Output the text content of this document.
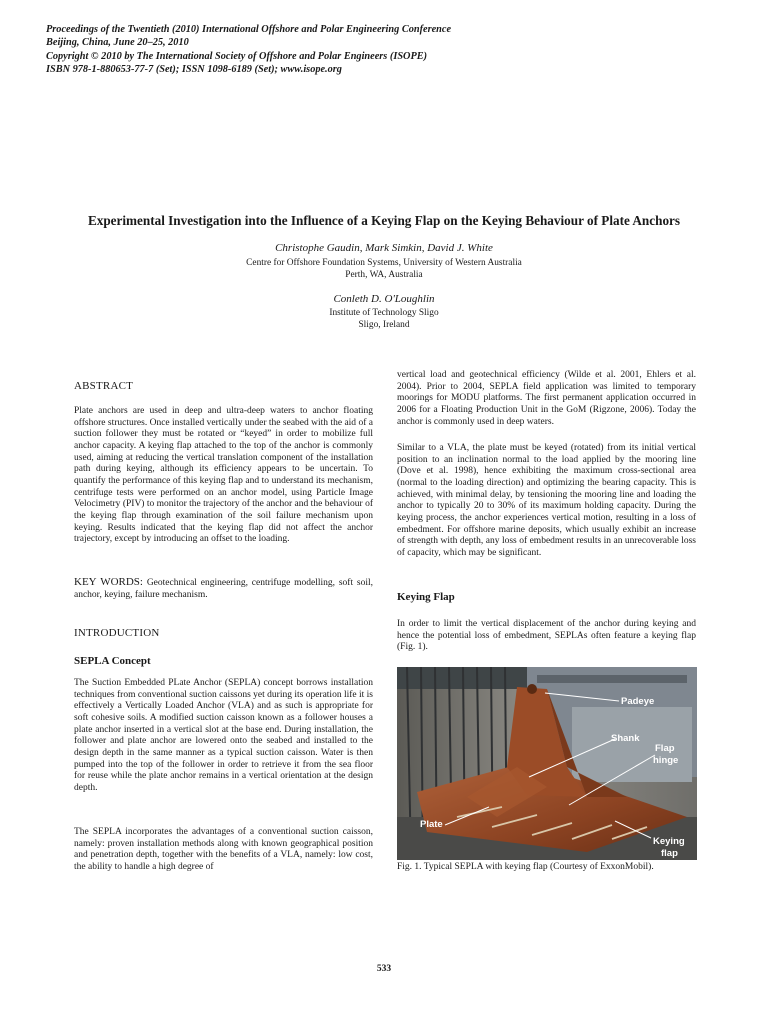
Proceedings of the Twentieth (2010) International Offshore and Polar Engineering Conference
Beijing, China, June 20–25, 2010
Copyright © 2010 by The International Society of Offshore and Polar Engineers (ISOPE)
ISBN 978-1-880653-77-7 (Set); ISSN 1098-6189 (Set); www.isope.org
Experimental Investigation into the Influence of a Keying Flap on the Keying Behaviour of Plate Anchors
Christophe Gaudin, Mark Simkin, David J. White
Centre for Offshore Foundation Systems, University of Western Australia
Perth, WA, Australia
Conleth D. O'Loughlin
Institute of Technology Sligo
Sligo, Ireland
ABSTRACT

Plate anchors are used in deep and ultra-deep waters to anchor floating offshore structures. Once installed vertically under the seabed with the aid of a suction follower they must be rotated or “keyed” in order to mobilize full anchor capacity. A keying flap attached to the top of the anchor is commonly used, aiming at reducing the vertical translation component of the installation path during keying, although its efficiency appears to be uncertain. To quantify the performance of this keying flap and to understand its mechanism, centrifuge tests were performed on an anchor model, using Particle Image Velocimetry (PIV) to monitor the trajectory of the anchor and the behaviour of the keying flap through examination of the soil failure mechanism upon keying. Results indicated that the keying flap did not affect the anchor trajectory, except by introducing an offset to the loading.

KEY WORDS: Geotechnical engineering, centrifuge modelling, soft soil, anchor, keying, failure mechanism.
INTRODUCTION
SEPLA Concept

The Suction Embedded PLate Anchor (SEPLA) concept borrows installation techniques from conventional suction caissons yet during its operation life it is effectively a Vertically Loaded Anchor (VLA) and as such is appropriate for soft cohesive soils. A modified suction caisson known as a follower houses a plate anchor inserted in a vertical slot at the base end. During installation, the follower and plate anchor are lowered onto the seabed and installed to the design depth in the same manner as a typical suction caisson. Water is then pumped into the top of the follower in order to retrieve it from the sea floor for reuse while the plate anchor remains in a vertical orientation at the design depth.

The SEPLA incorporates the advantages of a conventional suction caisson, namely: proven installation methods along with known geographical position and penetration depth, together with the benefits of a VLA, namely: low cost, the ability to handle a high degree of

vertical load and geotechnical efficiency (Wilde et al. 2001, Ehlers et al. 2004). Prior to 2004, SEPLA field application was limited to temporary moorings for MODU platforms. The first permanent application occurred in 2006 for a Floating Production Unit in the GoM (Rigzone, 2006). Today the anchor is commonly used in deep waters.

Similar to a VLA, the plate must be keyed (rotated) from its initial vertical position to an inclination normal to the load applied by the mooring line (Dove et al. 1998), hence exhibiting the maximum cross-sectional area (normal to the loading direction) and optimizing the bearing capacity. This is achieved, with minimal delay, by tensioning the mooring line and loading the anchor to typically 20 to 30% of its maximum holding capacity. During the keying process, the anchor experiences vertical motion, resulting in a loss of embedment. For offshore marine deposits, which usually exhibit an increase of strength with depth, any loss of embedment results in an unrecoverable loss of capacity, which may be significant.

Keying Flap

In order to limit the vertical displacement of the anchor during keying and hence the potential loss of embedment, SEPLAs often feature a keying flap (Fig. 1).

Padeye
Shank
Flap
hinge
Plate
Keying
flap
Fig. 1. Typical SEPLA with keying flap (Courtesy of ExxonMobil).
533
